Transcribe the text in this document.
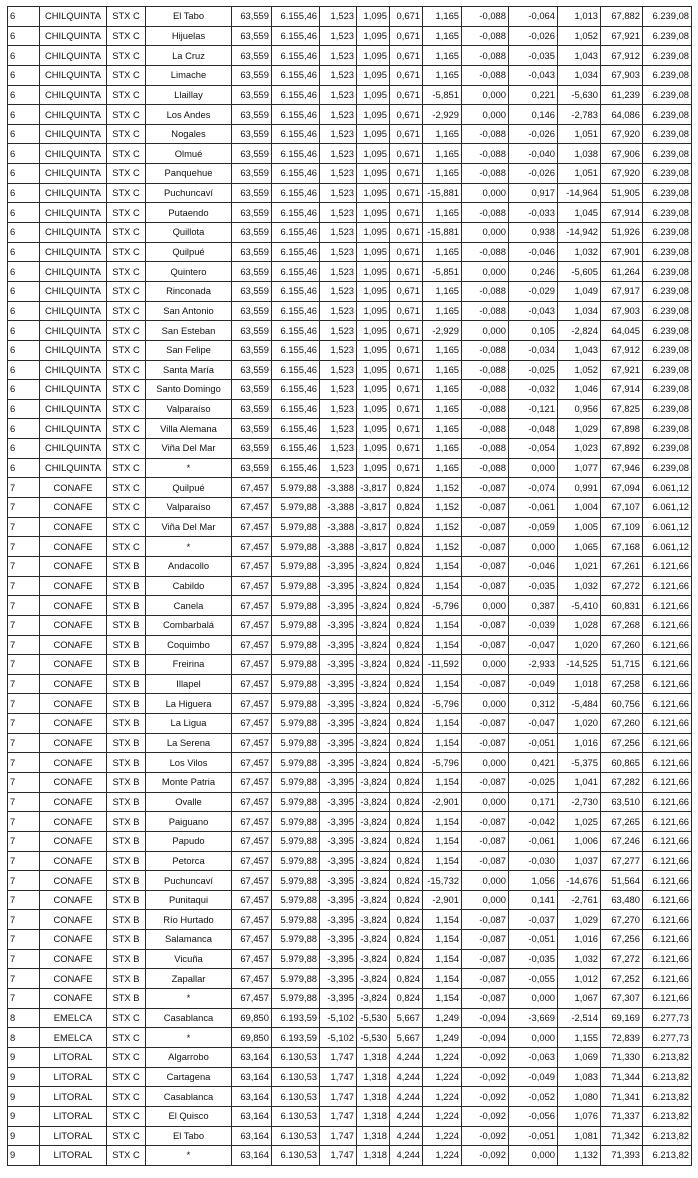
6	CHILQUINTA	STX C	El Tabo	63,559	6.155,46	1,523	1,095	0,671	1,165	-0,088	-0,064	1,013	67,882	6.239,08
6	CHILQUINTA	STX C	Hijuelas	63,559	6.155,46	1,523	1,095	0,671	1,165	-0,088	-0,026	1,052	67,921	6.239,08
6	CHILQUINTA	STX C	La Cruz	63,559	6.155,46	1,523	1,095	0,671	1,165	-0,088	-0,035	1,043	67,912	6.239,08
6	CHILQUINTA	STX C	Limache	63,559	6.155,46	1,523	1,095	0,671	1,165	-0,088	-0,043	1,034	67,903	6.239,08
6	CHILQUINTA	STX C	Llaillay	63,559	6.155,46	1,523	1,095	0,671	-5,851	0,000	0,221	-5,630	61,239	6.239,08
6	CHILQUINTA	STX C	Los Andes	63,559	6.155,46	1,523	1,095	0,671	-2,929	0,000	0,146	-2,783	64,086	6.239,08
6	CHILQUINTA	STX C	Nogales	63,559	6.155,46	1,523	1,095	0,671	1,165	-0,088	-0,026	1,051	67,920	6.239,08
6	CHILQUINTA	STX C	Olmué	63,559	6.155,46	1,523	1,095	0,671	1,165	-0,088	-0,040	1,038	67,906	6.239,08
6	CHILQUINTA	STX C	Panquehue	63,559	6.155,46	1,523	1,095	0,671	1,165	-0,088	-0,026	1,051	67,920	6.239,08
6	CHILQUINTA	STX C	Puchuncaví	63,559	6.155,46	1,523	1,095	0,671	-15,881	0,000	0,917	-14,964	51,905	6.239,08
6	CHILQUINTA	STX C	Putaendo	63,559	6.155,46	1,523	1,095	0,671	1,165	-0,088	-0,033	1,045	67,914	6.239,08
6	CHILQUINTA	STX C	Quillota	63,559	6.155,46	1,523	1,095	0,671	-15,881	0,000	0,938	-14,942	51,926	6.239,08
6	CHILQUINTA	STX C	Quilpué	63,559	6.155,46	1,523	1,095	0,671	1,165	-0,088	-0,046	1,032	67,901	6.239,08
6	CHILQUINTA	STX C	Quintero	63,559	6.155,46	1,523	1,095	0,671	-5,851	0,000	0,246	-5,605	61,264	6.239,08
6	CHILQUINTA	STX C	Rinconada	63,559	6.155,46	1,523	1,095	0,671	1,165	-0,088	-0,029	1,049	67,917	6.239,08
6	CHILQUINTA	STX C	San Antonio	63,559	6.155,46	1,523	1,095	0,671	1,165	-0,088	-0,043	1,034	67,903	6.239,08
6	CHILQUINTA	STX C	San Esteban	63,559	6.155,46	1,523	1,095	0,671	-2,929	0,000	0,105	-2,824	64,045	6.239,08
6	CHILQUINTA	STX C	San Felipe	63,559	6.155,46	1,523	1,095	0,671	1,165	-0,088	-0,034	1,043	67,912	6.239,08
6	CHILQUINTA	STX C	Santa María	63,559	6.155,46	1,523	1,095	0,671	1,165	-0,088	-0,025	1,052	67,921	6.239,08
6	CHILQUINTA	STX C	Santo Domingo	63,559	6.155,46	1,523	1,095	0,671	1,165	-0,088	-0,032	1,046	67,914	6.239,08
6	CHILQUINTA	STX C	Valparaíso	63,559	6.155,46	1,523	1,095	0,671	1,165	-0,088	-0,121	0,956	67,825	6.239,08
6	CHILQUINTA	STX C	Villa Alemana	63,559	6.155,46	1,523	1,095	0,671	1,165	-0,088	-0,048	1,029	67,898	6.239,08
6	CHILQUINTA	STX C	Viña Del Mar	63,559	6.155,46	1,523	1,095	0,671	1,165	-0,088	-0,054	1,023	67,892	6.239,08
6	CHILQUINTA	STX C	*	63,559	6.155,46	1,523	1,095	0,671	1,165	-0,088	0,000	1,077	67,946	6.239,08
7	CONAFE	STX C	Quilpué	67,457	5.979,88	-3,388	-3,817	0,824	1,152	-0,087	-0,074	0,991	67,094	6.061,12
7	CONAFE	STX C	Valparaíso	67,457	5.979,88	-3,388	-3,817	0,824	1,152	-0,087	-0,061	1,004	67,107	6.061,12
7	CONAFE	STX C	Viña Del Mar	67,457	5.979,88	-3,388	-3,817	0,824	1,152	-0,087	-0,059	1,005	67,109	6.061,12
7	CONAFE	STX C	*	67,457	5.979,88	-3,388	-3,817	0,824	1,152	-0,087	0,000	1,065	67,168	6.061,12
7	CONAFE	STX B	Andacollo	67,457	5.979,88	-3,395	-3,824	0,824	1,154	-0,087	-0,046	1,021	67,261	6.121,66
7	CONAFE	STX B	Cabildo	67,457	5.979,88	-3,395	-3,824	0,824	1,154	-0,087	-0,035	1,032	67,272	6.121,66
7	CONAFE	STX B	Canela	67,457	5.979,88	-3,395	-3,824	0,824	-5,796	0,000	0,387	-5,410	60,831	6.121,66
7	CONAFE	STX B	Combarbalá	67,457	5.979,88	-3,395	-3,824	0,824	1,154	-0,087	-0,039	1,028	67,268	6.121,66
7	CONAFE	STX B	Coquimbo	67,457	5.979,88	-3,395	-3,824	0,824	1,154	-0,087	-0,047	1,020	67,260	6.121,66
7	CONAFE	STX B	Freirina	67,457	5.979,88	-3,395	-3,824	0,824	-11,592	0,000	-2,933	-14,525	51,715	6.121,66
7	CONAFE	STX B	Illapel	67,457	5.979,88	-3,395	-3,824	0,824	1,154	-0,087	-0,049	1,018	67,258	6.121,66
7	CONAFE	STX B	La Higuera	67,457	5.979,88	-3,395	-3,824	0,824	-5,796	0,000	0,312	-5,484	60,756	6.121,66
7	CONAFE	STX B	La Ligua	67,457	5.979,88	-3,395	-3,824	0,824	1,154	-0,087	-0,047	1,020	67,260	6.121,66
7	CONAFE	STX B	La Serena	67,457	5.979,88	-3,395	-3,824	0,824	1,154	-0,087	-0,051	1,016	67,256	6.121,66
7	CONAFE	STX B	Los Vilos	67,457	5.979,88	-3,395	-3,824	0,824	-5,796	0,000	0,421	-5,375	60,865	6.121,66
7	CONAFE	STX B	Monte Patria	67,457	5.979,88	-3,395	-3,824	0,824	1,154	-0,087	-0,025	1,041	67,282	6.121,66
7	CONAFE	STX B	Ovalle	67,457	5.979,88	-3,395	-3,824	0,824	-2,901	0,000	0,171	-2,730	63,510	6.121,66
7	CONAFE	STX B	Paiguano	67,457	5.979,88	-3,395	-3,824	0,824	1,154	-0,087	-0,042	1,025	67,265	6.121,66
7	CONAFE	STX B	Papudo	67,457	5.979,88	-3,395	-3,824	0,824	1,154	-0,087	-0,061	1,006	67,246	6.121,66
7	CONAFE	STX B	Petorca	67,457	5.979,88	-3,395	-3,824	0,824	1,154	-0,087	-0,030	1,037	67,277	6.121,66
7	CONAFE	STX B	Puchuncaví	67,457	5.979,88	-3,395	-3,824	0,824	-15,732	0,000	1,056	-14,676	51,564	6.121,66
7	CONAFE	STX B	Punitaqui	67,457	5.979,88	-3,395	-3,824	0,824	-2,901	0,000	0,141	-2,761	63,480	6.121,66
7	CONAFE	STX B	Río Hurtado	67,457	5.979,88	-3,395	-3,824	0,824	1,154	-0,087	-0,037	1,029	67,270	6.121,66
7	CONAFE	STX B	Salamanca	67,457	5.979,88	-3,395	-3,824	0,824	1,154	-0,087	-0,051	1,016	67,256	6.121,66
7	CONAFE	STX B	Vicuña	67,457	5.979,88	-3,395	-3,824	0,824	1,154	-0,087	-0,035	1,032	67,272	6.121,66
7	CONAFE	STX B	Zapallar	67,457	5.979,88	-3,395	-3,824	0,824	1,154	-0,087	-0,055	1,012	67,252	6.121,66
7	CONAFE	STX B	*	67,457	5.979,88	-3,395	-3,824	0,824	1,154	-0,087	0,000	1,067	67,307	6.121,66
8	EMELCA	STX C	Casablanca	69,850	6.193,59	-5,102	-5,530	5,667	1,249	-0,094	-3,669	-2,514	69,169	6.277,73
8	EMELCA	STX C	*	69,850	6.193,59	-5,102	-5,530	5,667	1,249	-0,094	0,000	1,155	72,839	6.277,73
9	LITORAL	STX C	Algarrobo	63,164	6.130,53	1,747	1,318	4,244	1,224	-0,092	-0,063	1,069	71,330	6.213,82
9	LITORAL	STX C	Cartagena	63,164	6.130,53	1,747	1,318	4,244	1,224	-0,092	-0,049	1,083	71,344	6.213,82
9	LITORAL	STX C	Casablanca	63,164	6.130,53	1,747	1,318	4,244	1,224	-0,092	-0,052	1,080	71,341	6.213,82
9	LITORAL	STX C	El Quisco	63,164	6.130,53	1,747	1,318	4,244	1,224	-0,092	-0,056	1,076	71,337	6.213,82
9	LITORAL	STX C	El Tabo	63,164	6.130,53	1,747	1,318	4,244	1,224	-0,092	-0,051	1,081	71,342	6.213,82
9	LITORAL	STX C	*	63,164	6.130,53	1,747	1,318	4,244	1,224	-0,092	0,000	1,132	71,393	6.213,82
